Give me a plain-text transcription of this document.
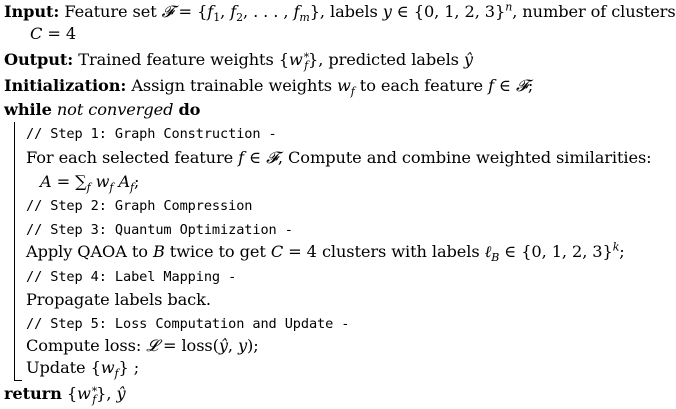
Input: Feature set 𝓕 = {$f_1$, $f_2$, . . . , $f_m$}, labels y ∈ {0, 1, 2, 3}$^n$, number of clusters
C = 4
Output: Trained feature weights $\{w^∗_f\}$, predicted labels ŷ
Initialization: Assign trainable weights $w_f$ to each feature f ∈ 𝓕;
while not converged do
// Step 1: Graph Construction -
For each selected feature f ∈ 𝓕, Compute and combine weighted similarities:
$A = \sum_f$ $w_f$ $A_f$;
// Step 2: Graph Compression
// Step 3: Quantum Optimization -
Apply QAOA to B twice to get C = 4 clusters with labels ℓ$_B$ ∈ {0, 1, 2, 3}$^k$;
// Step 4: Label Mapping -
Propagate labels back.
// Step 5: Loss Computation and Update -
Compute loss: 𝓛 = loss(ŷ, y);
Update $\{w_f\}$ ;
return $\{w^∗_f\}$, ŷ
